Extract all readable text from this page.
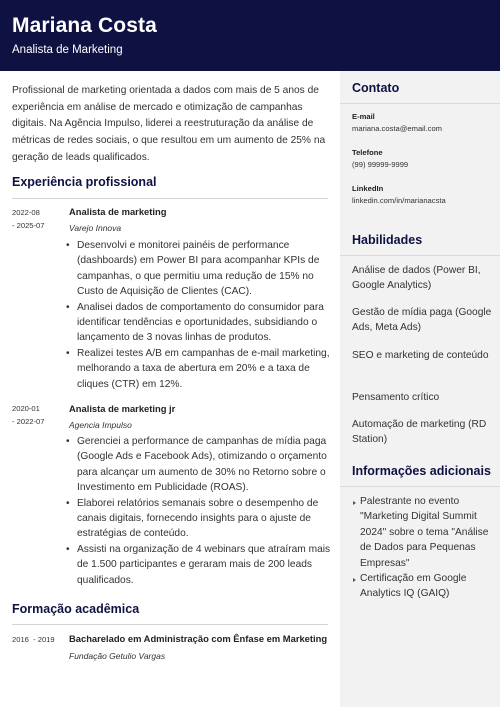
Mariana Costa
Analista de Marketing
Profissional de marketing orientada a dados com mais de 5 anos de experiência em análise de mercado e otimização de campanhas digitais. Na Agência Impulso, liderei a reestruturação da análise de métricas de redes sociais, o que resultou em um aumento de 25% na geração de leads qualificados.
Experiência profissional
2022-08
- 2025-07
Analista de marketing
Varejo Innova
• Desenvolvi e monitorei painéis de performance (dashboards) em Power BI para acompanhar KPIs de campanhas, o que permitiu uma redução de 15% no Custo de Aquisição de Clientes (CAC).
• Analisei dados de comportamento do consumidor para identificar tendências e oportunidades, subsidiando o lançamento de 3 novas linhas de produtos.
• Realizei testes A/B em campanhas de e-mail marketing, melhorando a taxa de abertura em 20% e a taxa de cliques (CTR) em 12%.
2020-01
- 2022-07
Analista de marketing jr
Agencia Impulso
• Gerenciei a performance de campanhas de mídia paga (Google Ads e Facebook Ads), otimizando o orçamento para alcançar um aumento de 30% no Retorno sobre o Investimento em Publicidade (ROAS).
• Elaborei relatórios semanais sobre o desempenho de canais digitais, fornecendo insights para o ajuste de estratégias de conteúdo.
• Assisti na organização de 4 webinars que atraíram mais de 1.500 participantes e geraram mais de 200 leads qualificados.
Formação acadêmica
2016  - 2019 Bacharelado em Administração com Ênfase em Marketing
Fundação Getulio Vargas
Contato
E-mail
mariana.costa@email.com
Telefone
(99) 99999-9999
LinkedIn
linkedin.com/in/marianacsta
Habilidades
Análise de dados (Power BI, Google Analytics)
Gestão de mídia paga (Google Ads, Meta Ads)
SEO e marketing de conteúdo
Pensamento crítico
Automação de marketing (RD Station)
Informações adicionais
Palestrante no evento "Marketing Digital Summit 2024" sobre o tema "Análise de Dados para Pequenas Empresas"
Certificação em Google Analytics IQ (GAIQ)
